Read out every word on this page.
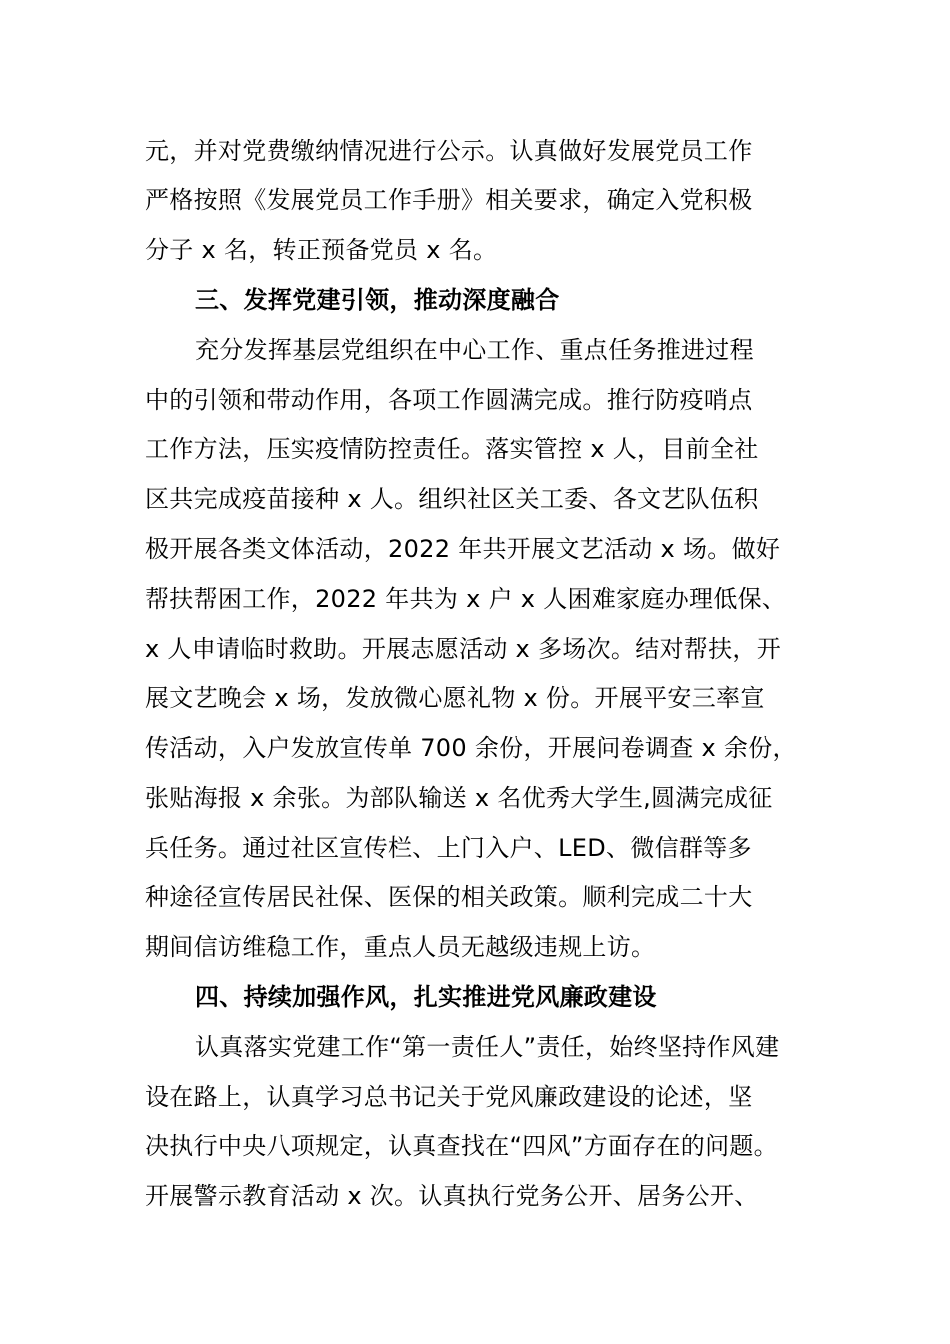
元，并对党费缴纳情况进行公示。认真做好发展党员工作
严格按照《发展党员工作手册》相关要求，确定入党积极
分子 x 名，转正预备党员 x 名。
三、发挥党建引领，推动深度融合
充分发挥基层党组织在中心工作、重点任务推进过程
中的引领和带动作用，各项工作圆满完成。推行防疫哨点
工作方法，压实疫情防控责任。落实管控 x 人，目前全社
区共完成疫苗接种 x 人。组织社区关工委、各文艺队伍积
极开展各类文体活动，2022 年共开展文艺活动 x 场。做好
帮扶帮困工作，2022 年共为 x 户 x 人困难家庭办理低保、
x 人申请临时救助。开展志愿活动 x 多场次。结对帮扶，开
展文艺晚会 x 场，发放微心愿礼物 x 份。开展平安三率宣
传活动，入户发放宣传单 700 余份，开展问卷调查 x 余份，
张贴海报 x 余张。为部队输送 x 名优秀大学生,圆满完成征
兵任务。通过社区宣传栏、上门入户、LED、微信群等多
种途径宣传居民社保、医保的相关政策。顺利完成二十大
期间信访维稳工作，重点人员无越级违规上访。
四、持续加强作风，扎实推进党风廉政建设
认真落实党建工作“第一责任人”责任，始终坚持作风建
设在路上，认真学习总书记关于党风廉政建设的论述，坚
决执行中央八项规定，认真查找在“四风”方面存在的问题。
开展警示教育活动 x 次。认真执行党务公开、居务公开、
